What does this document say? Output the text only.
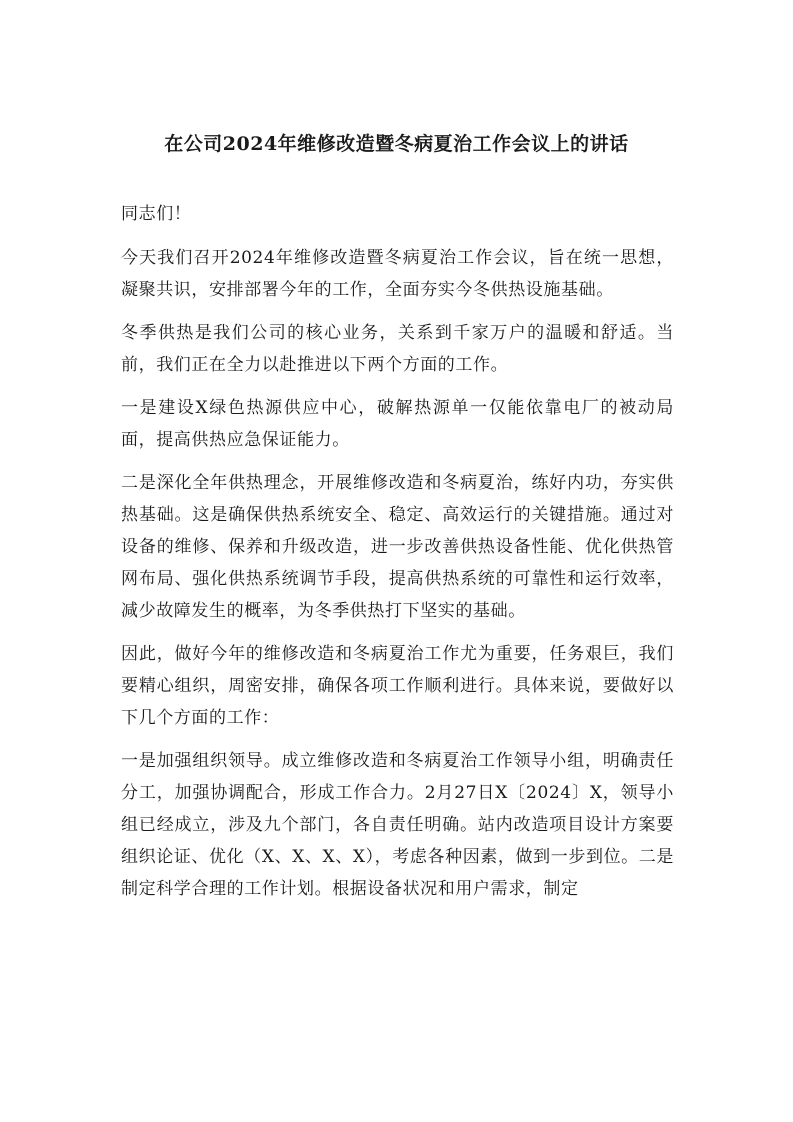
在公司2024年维修改造暨冬病夏治工作会议上的讲话

同志们！

今天我们召开2024年维修改造暨冬病夏治工作会议，旨在统一思想，凝聚共识，安排部署今年的工作，全面夯实今冬供热设施基础。

冬季供热是我们公司的核心业务，关系到千家万户的温暖和舒适。当前，我们正在全力以赴推进以下两个方面的工作。

一是建设X绿色热源供应中心，破解热源单一仅能依靠电厂的被动局面，提高供热应急保证能力。

二是深化全年供热理念，开展维修改造和冬病夏治，练好内功，夯实供热基础。这是确保供热系统安全、稳定、高效运行的关键措施。通过对设备的维修、保养和升级改造，进一步改善供热设备性能、优化供热管网布局、强化供热系统调节手段，提高供热系统的可靠性和运行效率，减少故障发生的概率，为冬季供热打下坚实的基础。

因此，做好今年的维修改造和冬病夏治工作尤为重要，任务艰巨，我们要精心组织，周密安排，确保各项工作顺利进行。具体来说，要做好以下几个方面的工作：

一是加强组织领导。成立维修改造和冬病夏治工作领导小组，明确责任分工，加强协调配合，形成工作合力。2月27日X〔2024〕X，领导小组已经成立，涉及九个部门，各自责任明确。站内改造项目设计方案要组织论证、优化（X、X、X、X），考虑各种因素，做到一步到位。二是制定科学合理的工作计划。根据设备状况和用户需求，制定
